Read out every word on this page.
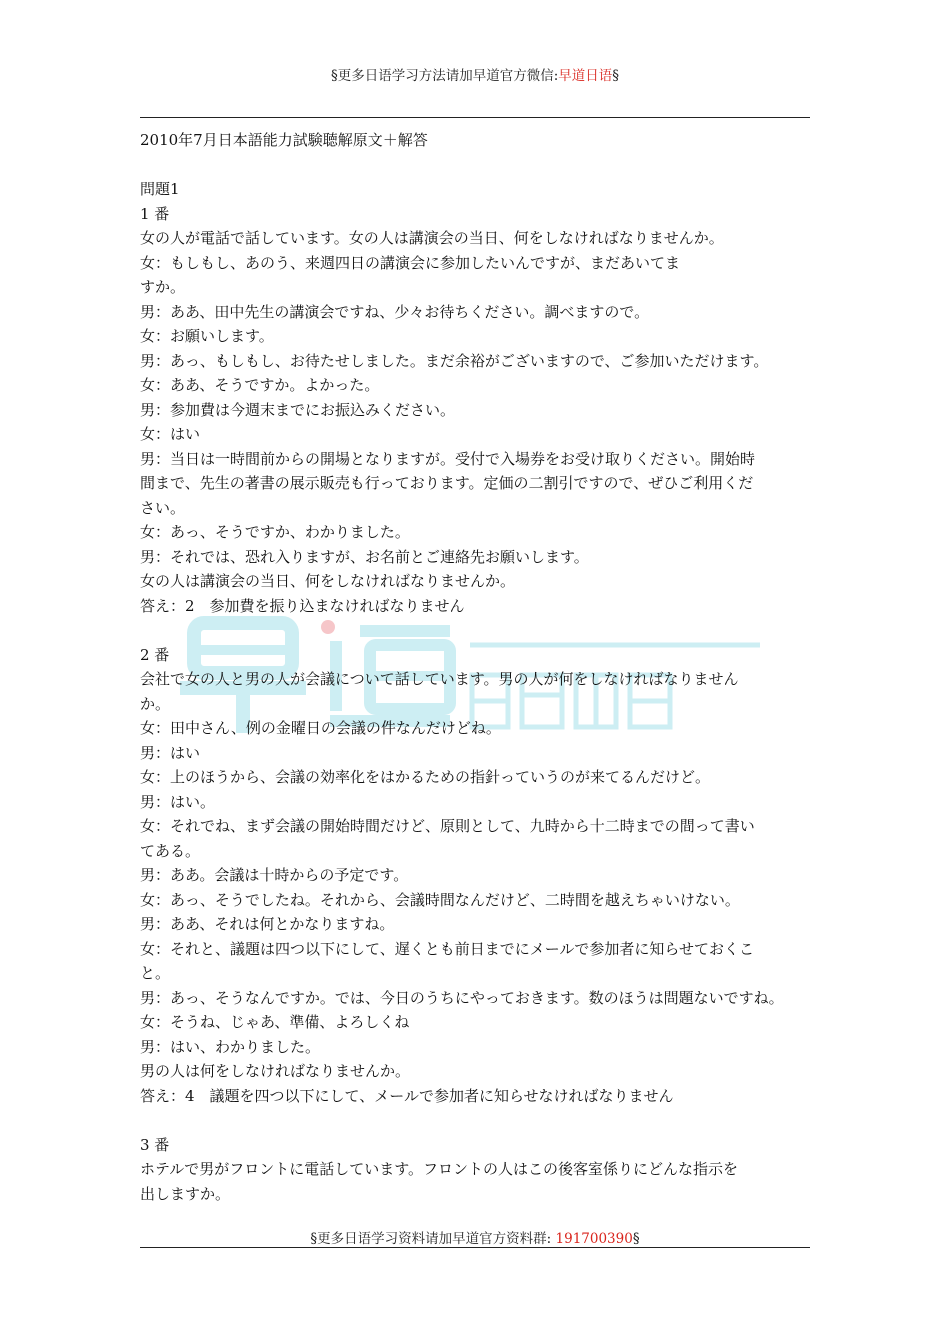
§更多日语学习方法请加早道官方微信:早道日语§
2010年7月日本語能力試験聴解原文＋解答
問題1
1 番
女の人が電話で話しています。女の人は講演会の当日、何をしなければなりませんか。
女：もしもし、あのう、来週四日の講演会に参加したいんですが、まだあいてま
すか。
男：ああ、田中先生の講演会ですね、少々お待ちください。調べますので。
女：お願いします。
男：あっ、もしもし、お待たせしました。まだ余裕がございますので、ご参加いただけます。
女：ああ、そうですか。よかった。
男：参加費は今週末までにお振込みください。
女：はい
男：当日は一時間前からの開場となりますが。受付で入場券をお受け取りください。開始時
間まで、先生の著書の展示販売も行っております。定価の二割引ですので、ぜひご利用くだ
さい。
女：あっ、そうですか、わかりました。
男：それでは、恐れ入りますが、お名前とご連絡先お願いします。
女の人は講演会の当日、何をしなければなりませんか。
答え：2　参加費を振り込まなければなりません
2 番
会社で女の人と男の人が会議について話しています。男の人が何をしなければなりません
か。
女：田中さん、例の金曜日の会議の件なんだけどね。
男：はい
女：上のほうから、会議の効率化をはかるための指針っていうのが来てるんだけど。
男：はい。
女：それでね、まず会議の開始時間だけど、原則として、九時から十二時までの間って書い
てある。
男：ああ。会議は十時からの予定です。
女：あっ、そうでしたね。それから、会議時間なんだけど、二時間を越えちゃいけない。
男：ああ、それは何とかなりますね。
女：それと、議題は四つ以下にして、遅くとも前日までにメールで参加者に知らせておくこ
と。
男：あっ、そうなんですか。では、今日のうちにやっておきます。数のほうは問題ないですね。
女：そうね、じゃあ、準備、よろしくね
男：はい、わかりました。
男の人は何をしなければなりませんか。
答え：4　議題を四つ以下にして、メールで参加者に知らせなければなりません
3 番
ホテルで男がフロントに電話しています。フロントの人はこの後客室係りにどんな指示を
出しますか。
§更多日语学习资料请加早道官方资料群: 191700390§
